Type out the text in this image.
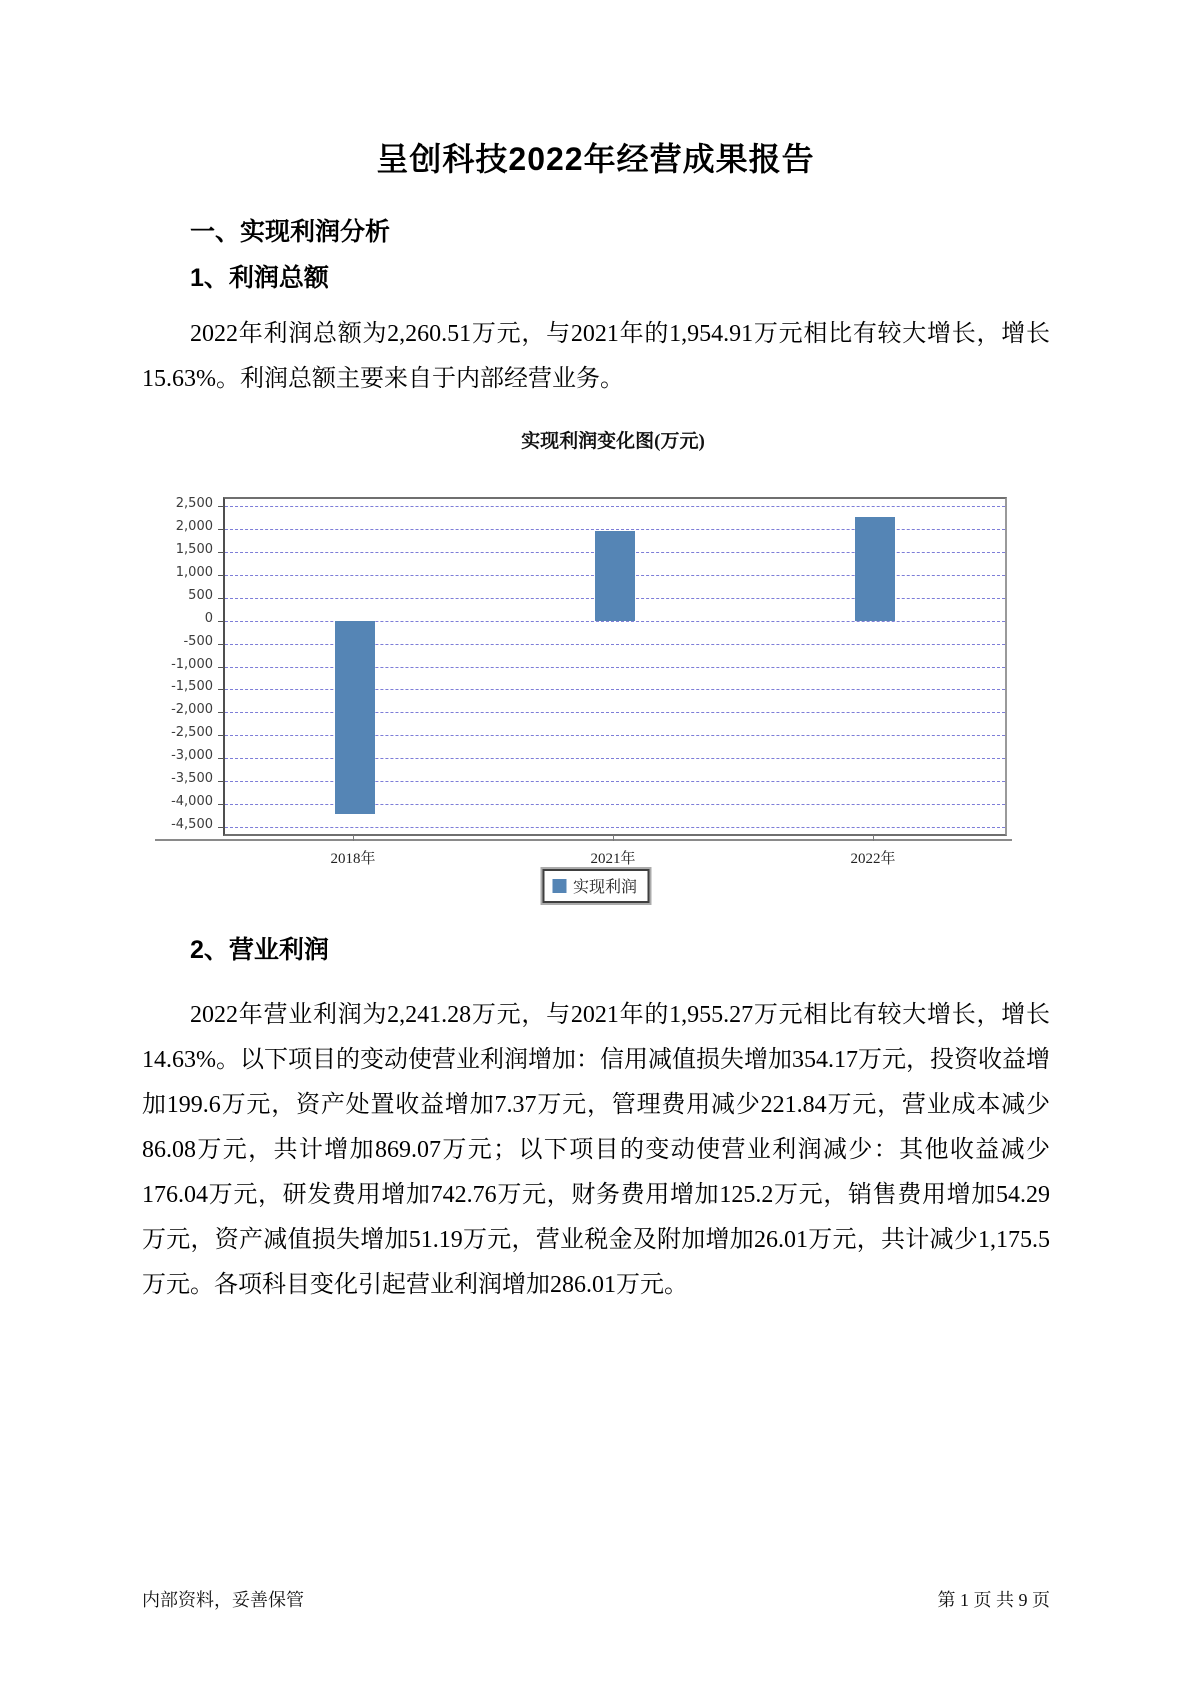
呈创科技2022年经营成果报告
一、实现利润分析
1、利润总额
2022年利润总额为2,260.51万元，与2021年的1,954.91万元相比有较大增长，增长15.63%。利润总额主要来自于内部经营业务。
实现利润变化图(万元)
2,500
2,000
1,500
1,000
500
0
-500
-1,000
-1,500
-2,000
-2,500
-3,000
-3,500
-4,000
-4,500
2018年	2021年	2022年
实现利润
2、营业利润
2022年营业利润为2,241.28万元，与2021年的1,955.27万元相比有较大增长，增长14.63%。以下项目的变动使营业利润增加：信用减值损失增加354.17万元，投资收益增加199.6万元，资产处置收益增加7.37万元，管理费用减少221.84万元，营业成本减少86.08万元，共计增加869.07万元；以下项目的变动使营业利润减少：其他收益减少176.04万元，研发费用增加742.76万元，财务费用增加125.2万元，销售费用增加54.29万元，资产减值损失增加51.19万元，营业税金及附加增加26.01万元，共计减少1,175.5万元。各项科目变化引起营业利润增加286.01万元。
内部资料，妥善保管	第 1 页 共 9 页
